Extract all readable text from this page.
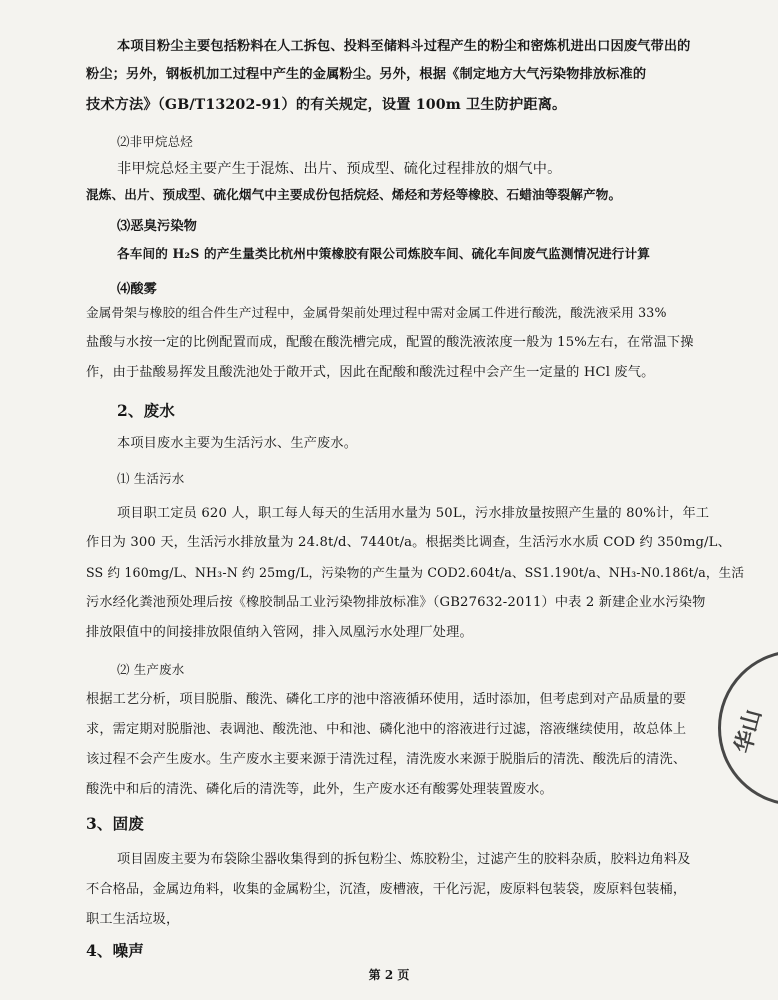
本项目粉尘主要包括粉料在人工拆包、投料至储料斗过程产生的粉尘和密炼机进出口因废气带出的
粉尘；另外，钢板机加工过程中产生的金属粉尘。另外，根据《制定地方大气污染物排放标准的
技术方法》（GB/T13202-91）的有关规定，设置 100m 卫生防护距离。
⑵非甲烷总烃
非甲烷总烃主要产生于混炼、出片、预成型、硫化过程排放的烟气中。
混炼、出片、预成型、硫化烟气中主要成份包括烷烃、烯烃和芳烃等橡胶、石蜡油等裂解产物。
⑶恶臭污染物
各车间的 H₂S 的产生量类比杭州中策橡胶有限公司炼胶车间、硫化车间废气监测情况进行计算
⑷酸雾
金属骨架与橡胶的组合件生产过程中，金属骨架前处理过程中需对金属工件进行酸洗，酸洗液采用 33%
盐酸与水按一定的比例配置而成，配酸在酸洗槽完成，配置的酸洗液浓度一般为 15%左右，在常温下操
作，由于盐酸易挥发且酸洗池处于敞开式，因此在配酸和酸洗过程中会产生一定量的 HCl 废气。
2、废水
本项目废水主要为生活污水、生产废水。
⑴ 生活污水
项目职工定员 620 人，职工每人每天的生活用水量为 50L，污水排放量按照产生量的 80%计，年工
作日为 300 天，生活污水排放量为 24.8t/d、7440t/a。根据类比调查，生活污水水质 COD 约 350mg/L、
SS 约 160mg/L、NH₃-N 约 25mg/L，污染物的产生量为 COD2.604t/a、SS1.190t/a、NH₃-N0.186t/a，生活
污水经化粪池预处理后按《橡胶制品工业污染物排放标准》（GB27632-2011）中表 2 新建企业水污染物
排放限值中的间接排放限值纳入管网，排入凤凰污水处理厂处理。
⑵ 生产废水
根据工艺分析，项目脱脂、酸洗、磷化工序的池中溶液循环使用，适时添加，但考虑到对产品质量的要
求，需定期对脱脂池、表调池、酸洗池、中和池、磷化池中的溶液进行过滤，溶液继续使用，故总体上
该过程不会产生废水。生产废水主要来源于清洗过程，清洗废水来源于脱脂后的清洗、酸洗后的清洗、
酸洗中和后的清洗、磷化后的清洗等，此外，生产废水还有酸雾处理装置废水。
3、固废
项目固废主要为布袋除尘器收集得到的拆包粉尘、炼胶粉尘，过滤产生的胶料杂质，胶料边角料及
不合格品，金属边角料，收集的金属粉尘，沉渣，废槽液，干化污泥，废原料包装袋，废原料包装桶，
职工生活垃圾，
4、噪声
第 2 页
华山
